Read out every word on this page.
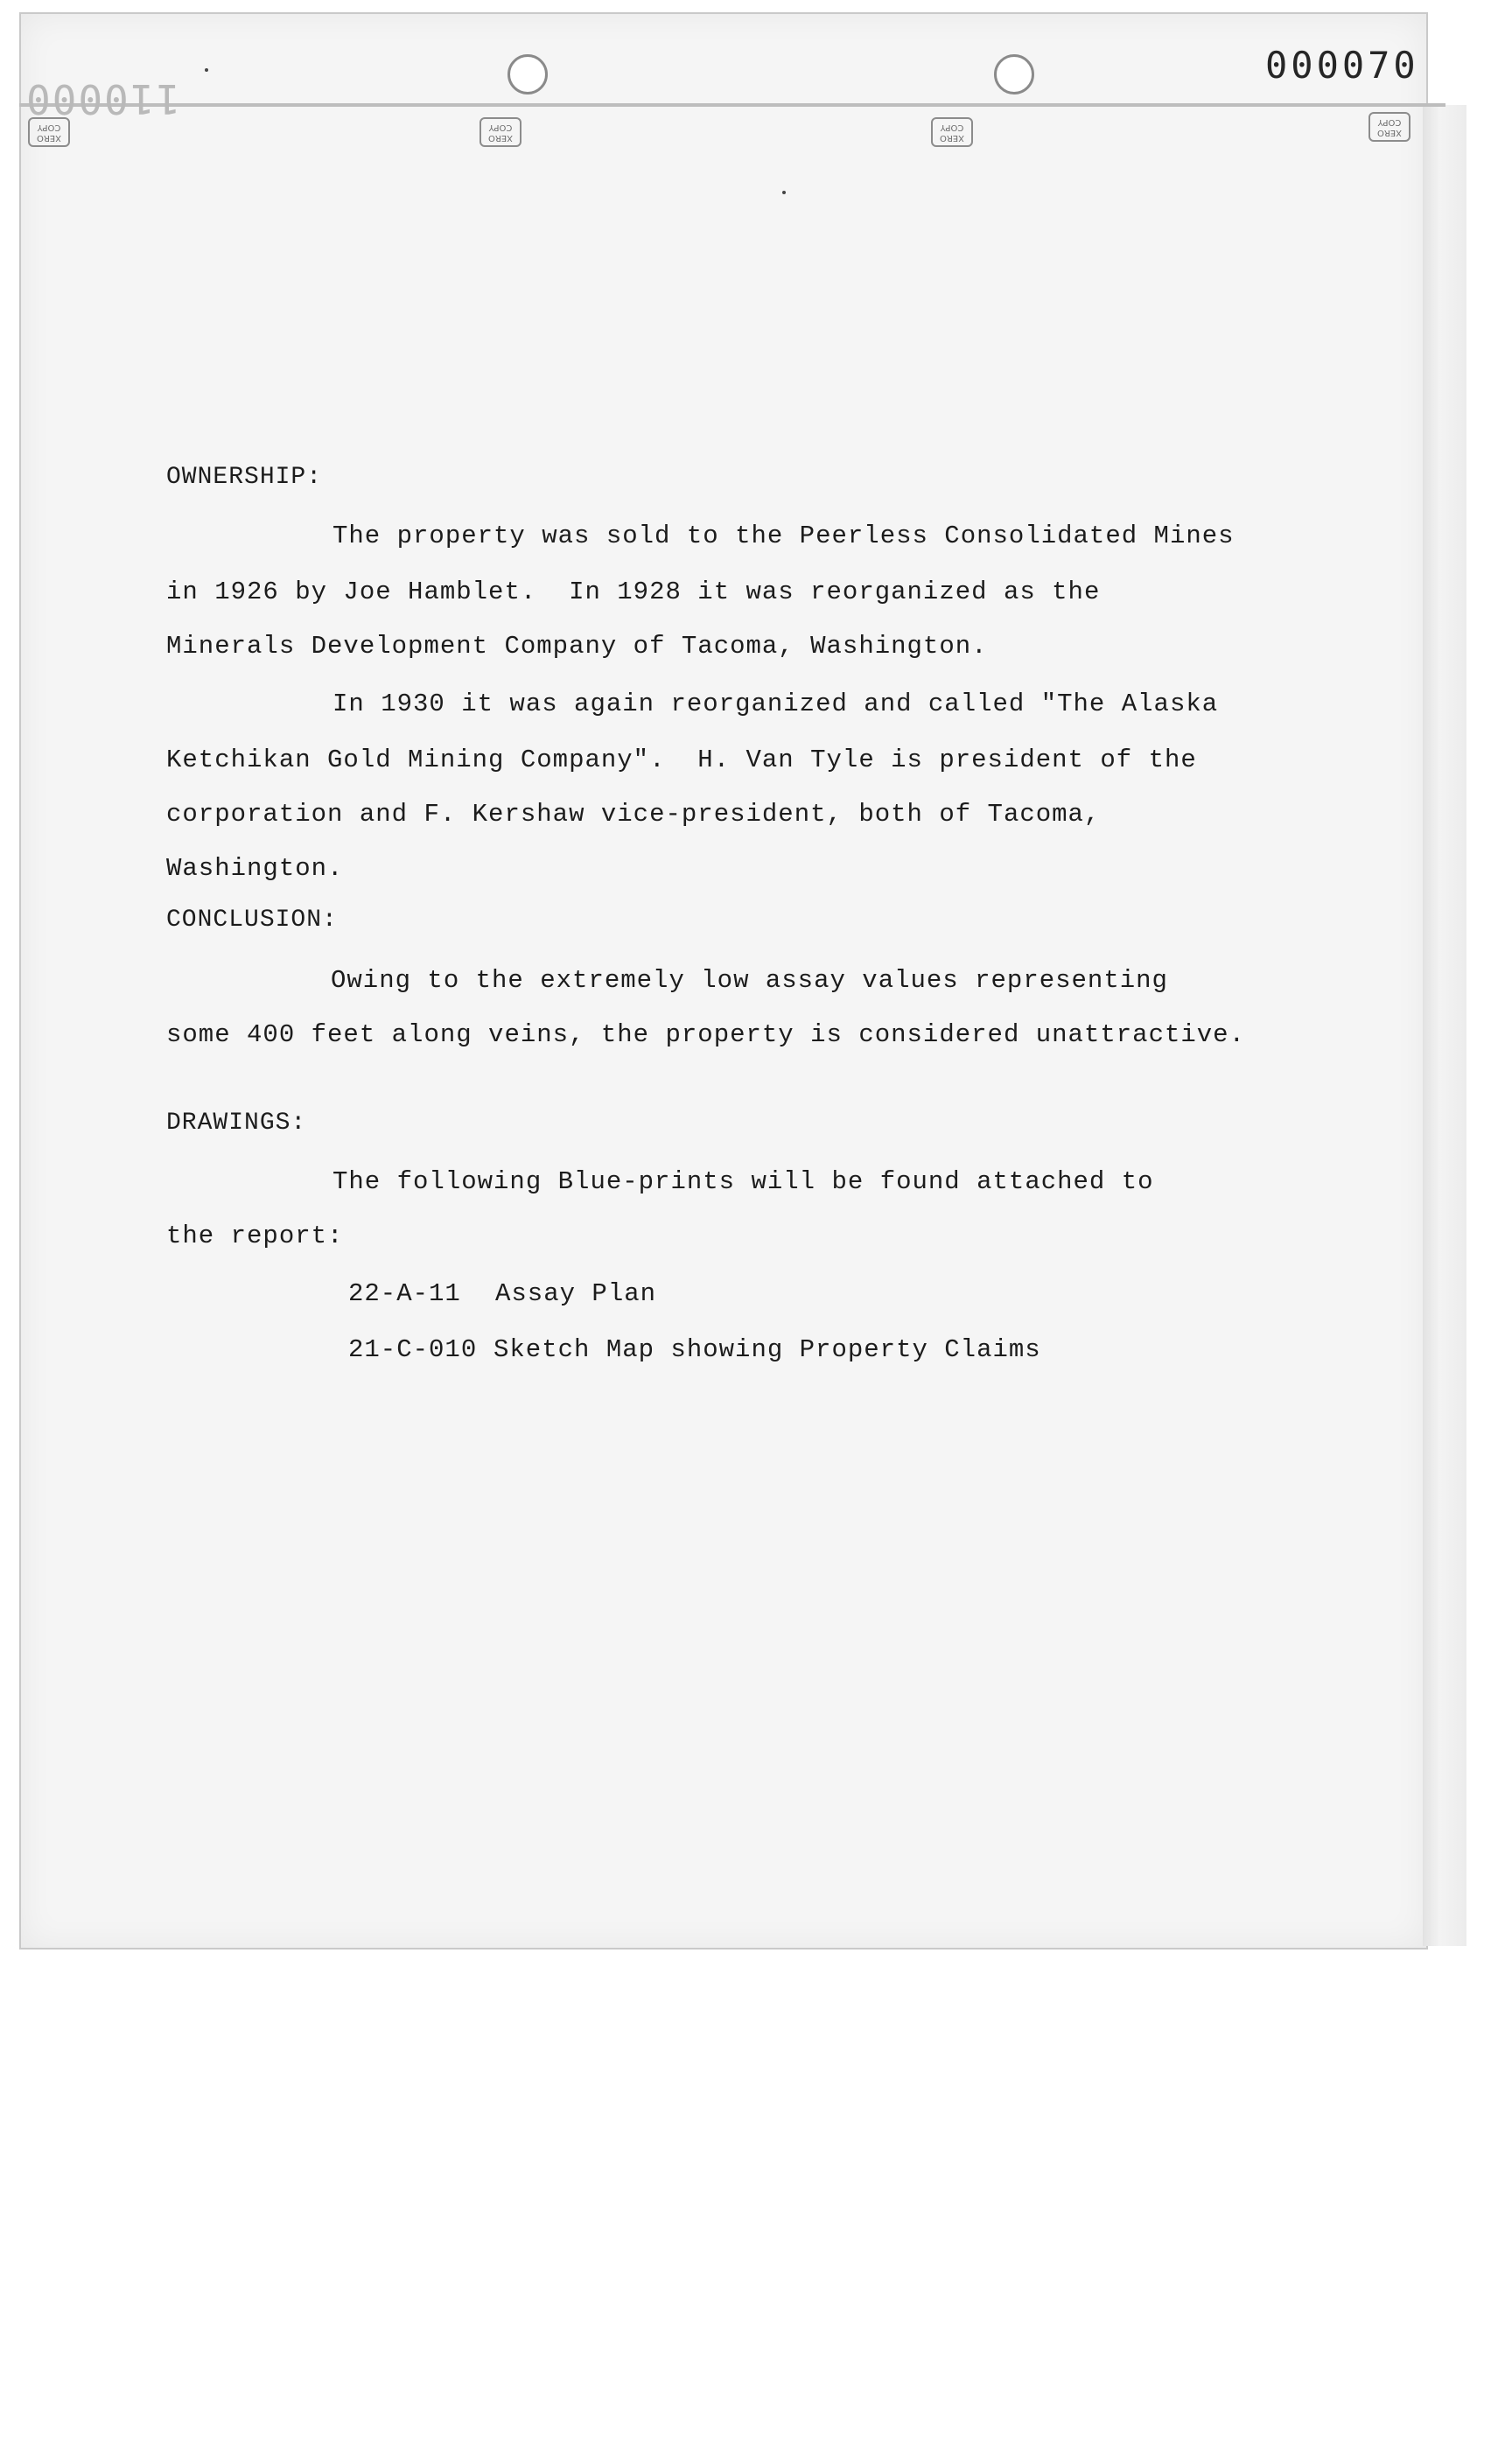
XERO
COPY
XERO
COPY
XERO
COPY
XERO
COPY
000070
110000
OWNERSHIP:
The property was sold to the Peerless Consolidated Mines
in 1926 by Joe Hamblet.  In 1928 it was reorganized as the
Minerals Development Company of Tacoma, Washington.
In 1930 it was again reorganized and called "The Alaska
Ketchikan Gold Mining Company".  H. Van Tyle is president of the
corporation and F. Kershaw vice-president, both of Tacoma,
Washington.
CONCLUSION:
Owing to the extremely low assay values representing
some 400 feet along veins, the property is considered unattractive.
DRAWINGS:
The following Blue-prints will be found attached to
the report:
22-A-11 Assay Plan
21-C-010 Sketch Map showing Property Claims
